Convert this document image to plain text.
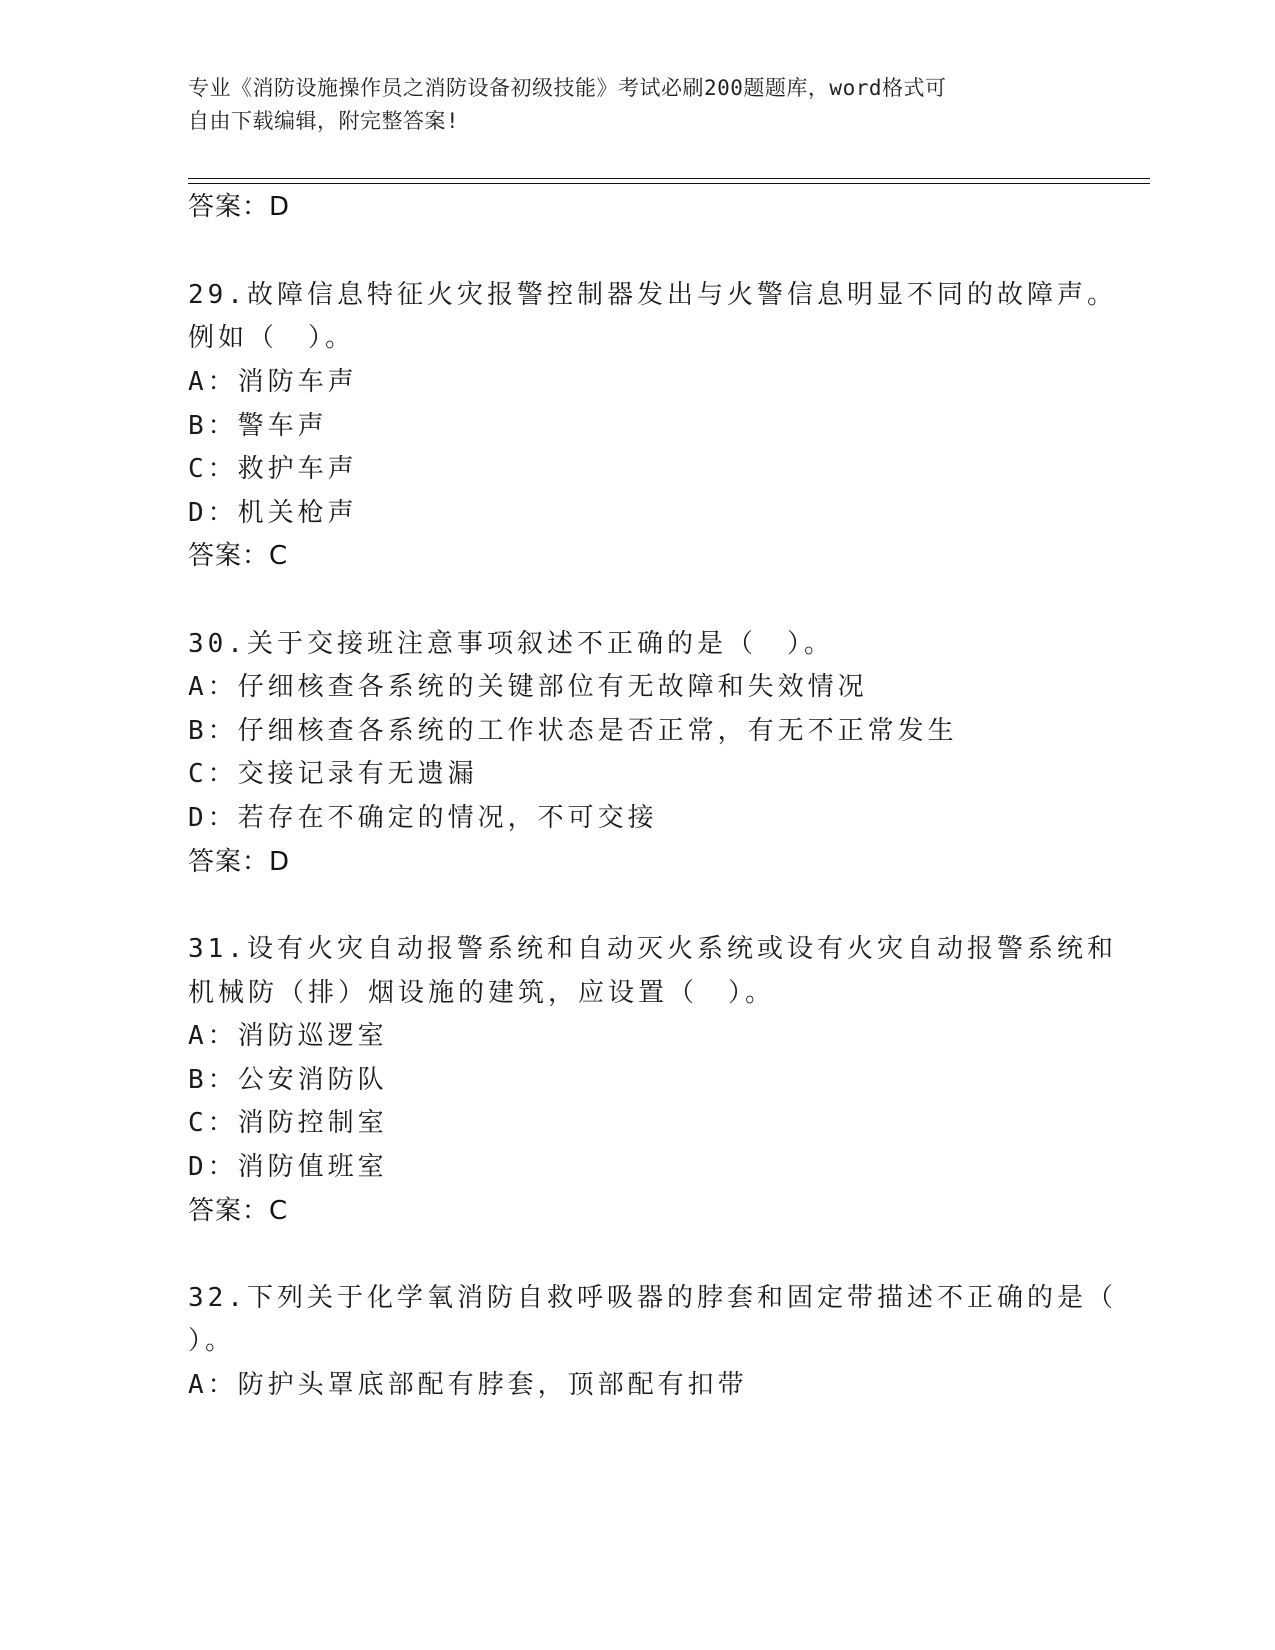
专业《消防设施操作员之消防设备初级技能》考试必刷200题题库，word格式可
自由下载编辑，附完整答案!
答案：D
29.故障信息特征火灾报警控制器发出与火警信息明显不同的故障声。
例如（　）。
A：消防车声
B：警车声
C：救护车声
D：机关枪声
答案：C
30.关于交接班注意事项叙述不正确的是（　）。
A：仔细核查各系统的关键部位有无故障和失效情况
B：仔细核查各系统的工作状态是否正常，有无不正常发生
C：交接记录有无遗漏
D：若存在不确定的情况，不可交接
答案：D
31.设有火灾自动报警系统和自动灭火系统或设有火灾自动报警系统和
机械防（排）烟设施的建筑，应设置（　）。
A：消防巡逻室
B：公安消防队
C：消防控制室
D：消防值班室
答案：C
32.下列关于化学氧消防自救呼吸器的脖套和固定带描述不正确的是（
）。
A：防护头罩底部配有脖套，顶部配有扣带
